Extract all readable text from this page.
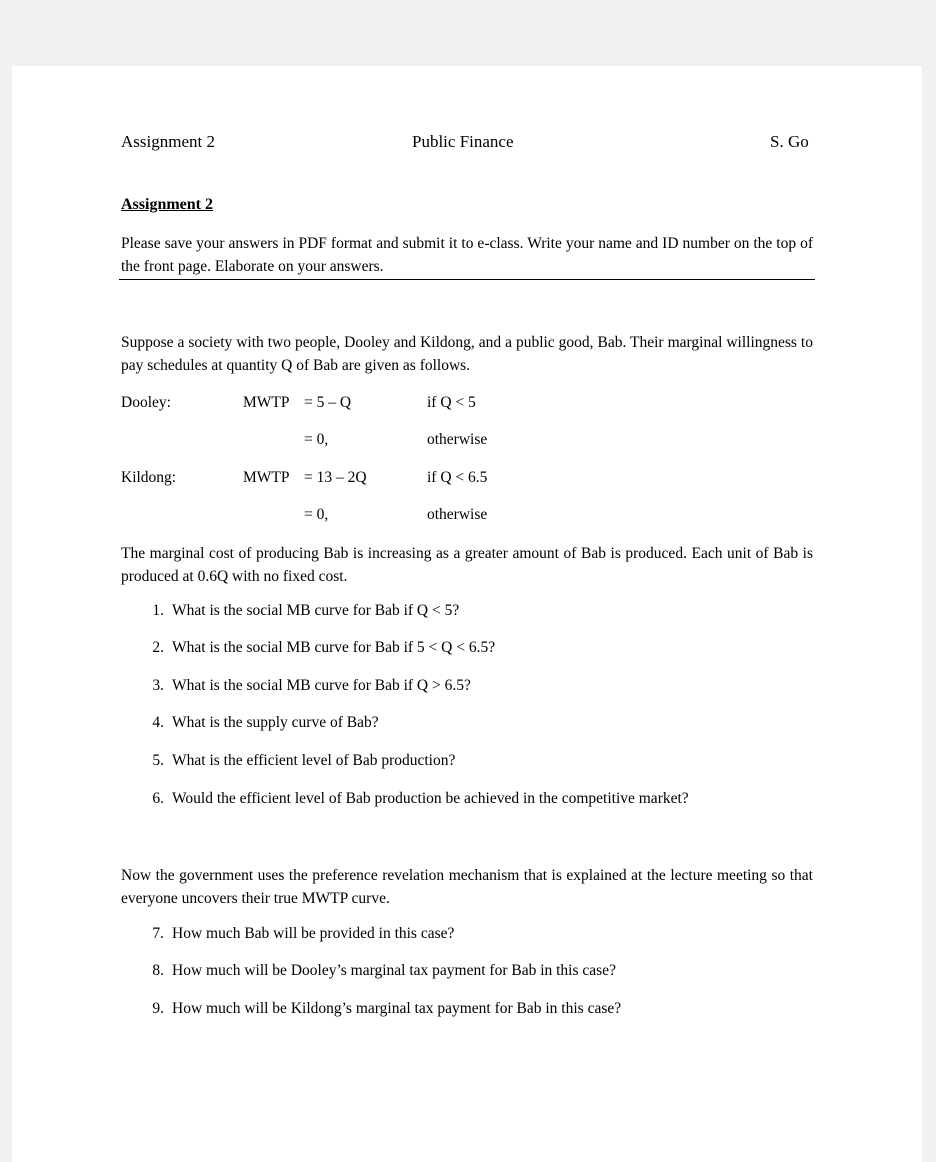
Assignment 2	Public Finance	S. Go
Assignment 2
Please save your answers in PDF format and submit it to e-class. Write your name and ID number on the top of the front page. Elaborate on your answers.
Suppose a society with two people, Dooley and Kildong, and a public good, Bab. Their marginal willingness to pay schedules at quantity Q of Bab are given as follows.
Dooley:	MWTP = 5 – Q	if Q < 5
= 0,	otherwise
Kildong:	MWTP = 13 – 2Q	if Q < 6.5
= 0,	otherwise
The marginal cost of producing Bab is increasing as a greater amount of Bab is produced. Each unit of Bab is produced at 0.6Q with no fixed cost.
1. What is the social MB curve for Bab if Q < 5?
2. What is the social MB curve for Bab if 5 < Q < 6.5?
3. What is the social MB curve for Bab if Q > 6.5?
4. What is the supply curve of Bab?
5. What is the efficient level of Bab production?
6. Would the efficient level of Bab production be achieved in the competitive market?
Now the government uses the preference revelation mechanism that is explained at the lecture meeting so that everyone uncovers their true MWTP curve.
7. How much Bab will be provided in this case?
8. How much will be Dooley’s marginal tax payment for Bab in this case?
9. How much will be Kildong’s marginal tax payment for Bab in this case?
